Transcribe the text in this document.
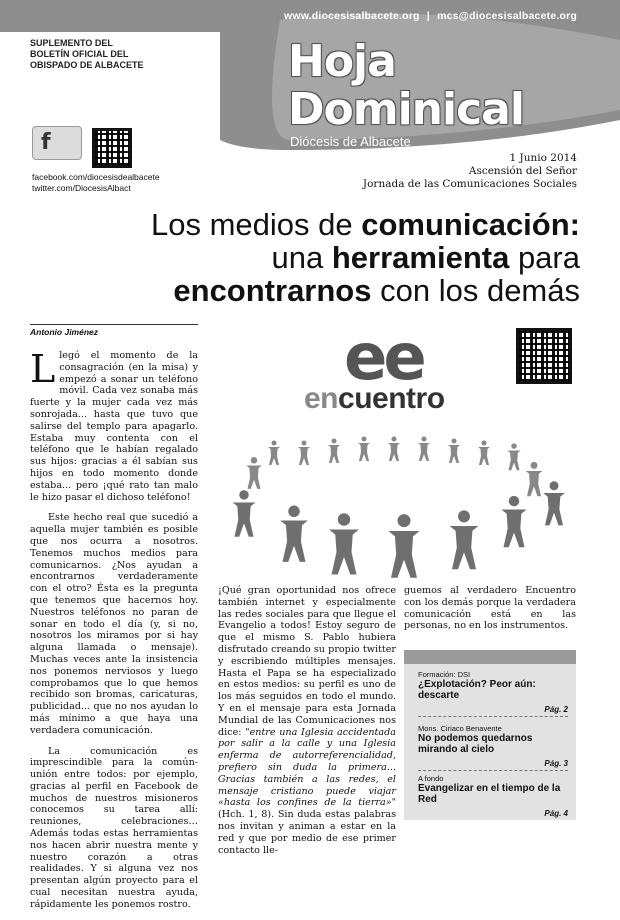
www.diocesisalbacete.org | mcs@diocesisalbacete.org
SUPLEMENTO DEL
BOLETÍN OFICIAL DEL
OBISPADO DE ALBACETE	Hoja
Dominical
Diócesis de Albacete
1 Junio 2014
Ascensión del Señor
Jornada de las Comunicaciones Sociales
f
facebook.com/diocesisdealbacete
twitter.com/DiocesisAlbact
Los medios de comunicación:
una herramienta para
encontrarnos con los demás
Antonio Jiménez

Llegó el momento de la consagración (en la misa) y empezó a sonar un teléfono móvil. Cada vez sonaba más fuerte y la mujer cada vez más sonrojada... hasta que tuvo que salirse del templo para apagarlo. Estaba muy contenta con el teléfono que le habían regalado sus hijos: gracias a él sabían sus hijos en todo momento donde estaba... pero ¡qué rato tan malo le hizo pasar el dichoso teléfono!

Este hecho real que sucedió a aquella mujer también es posible que nos ocurra a nosotros. Tenemos muchos medios para comunicarnos. ¿Nos ayudan a encontrarnos verdaderamente con el otro? Ésta es la pregunta que tenemos que hacernos hoy. Nuestros teléfonos no paran de sonar en todo el día (y, si no, nosotros los miramos por si hay alguna llamada o mensaje). Muchas veces ante la insistencia nos ponemos nerviosos y luego comprobamos que lo que hemos recibido son bromas, caricaturas, publicidad... que no nos ayudan lo más mínimo a que haya una verdadera comunicación.

La comunicación es imprescindible para la común-unión entre todos: por ejemplo, gracias al perfil en Facebook de muchos de nuestros misioneros conocemos su tarea allí: reuniones, celebraciones… Además todas estas herramientas nos hacen abrir nuestra mente y nuestro corazón a otras realidades. Y si alguna vez nos presentan algún proyecto para el cual necesitan nuestra ayuda, rápidamente les ponemos rostro.

ee
encuentro

¡Qué gran oportunidad nos ofrece también internet y especialmente las redes sociales para que llegue el Evangelio a todos! Estoy seguro de que el mismo S. Pablo hubiera disfrutado creando su propio twitter y escribiendo múltiples mensajes. Hasta el Papa se ha especializado en estos medios: su perfil es uno de los más seguidos en todo el mundo. Y en el mensaje para esta Jornada Mundial de las Comunicaciones nos dice: "entre una Iglesia accidentada por salir a la calle y una Iglesia enferma de autorreferencialidad, prefiero sin duda la primera... Gracias también a las redes, el mensaje cristiano puede viajar «hasta los confines de la tierra»" (Hch. 1, 8). Sin duda estas palabras nos invitan y animan a estar en la red y que por medio de ese primer contacto lle-

guemos al verdadero Encuentro con los demás porque la verdadera comunicación está en las personas, no en los instrumentos.

Formación: DSI
¿Explotación? Peor aún: descarte
Pág. 2
Mons. Ciriaco Benavente
No podemos quedarnos mirando al cielo
Pág. 3
A fondo
Evangelizar en el tiempo de la Red
Pág. 4
